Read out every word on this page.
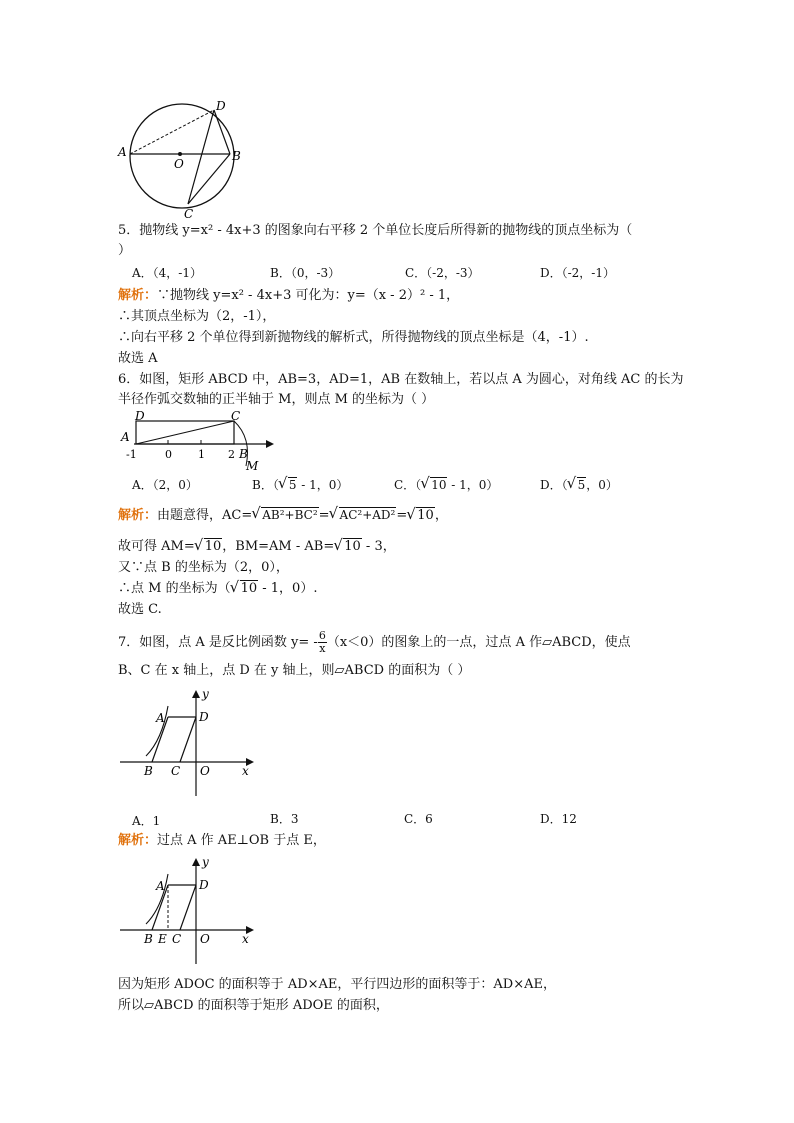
D
A	B
O
C
5．抛物线 y=x² - 4x+3 的图象向右平移 2 个单位长度后所得新的抛物线的顶点坐标为（
）
A．（4，-1）	B．（0，-3）	C．（-2，-3）	D．（-2，-1）
解析：∵抛物线 y=x² - 4x+3 可化为：y=（x - 2）² - 1，
∴其顶点坐标为（2，-1），
∴向右平移 2 个单位得到新抛物线的解析式，所得抛物线的顶点坐标是（4，-1）.
故选 A
6．如图，矩形 ABCD 中，AB=3，AD=1，AB 在数轴上，若以点 A 为圆心，对角线 AC 的长为
半径作弧交数轴的正半轴于 M，则点 M 的坐标为（ ）
D	C
A
B
M
-1	0 1 2
A．（2，0）	B．（ √ 5 - 1，0）	C．（ √ 10 - 1，0）	D．（ √ 5，0）
解析：由题意得，AC= √ AB²+BC²= √ AC²+AD²= √ 10，
故可得 AM= √ 10，BM=AM - AB= √ 10 - 3，
又∵点 B 的坐标为（2，0），
∴点 M 的坐标为（ √ 10 - 1，0）.
故选 C.
7．如图，点 A 是反比例函数 $y= - \frac{6}{x} (x<0)$的图象上的一点，过点 A 作▱ABCD，使点
B、C 在 x 轴上，点 D 在 y 轴上，则▱ABCD 的面积为（ ）
A	D
y
B C O	x
A．1	B．3	C．6	D．12
解析：过点 A 作 AE⊥OB 于点 E，
A	D
y
B E C O	x
因为矩形 ADOC 的面积等于 AD×AE，平行四边形的面积等于：AD×AE，
所以▱ABCD 的面积等于矩形 ADOE 的面积，
